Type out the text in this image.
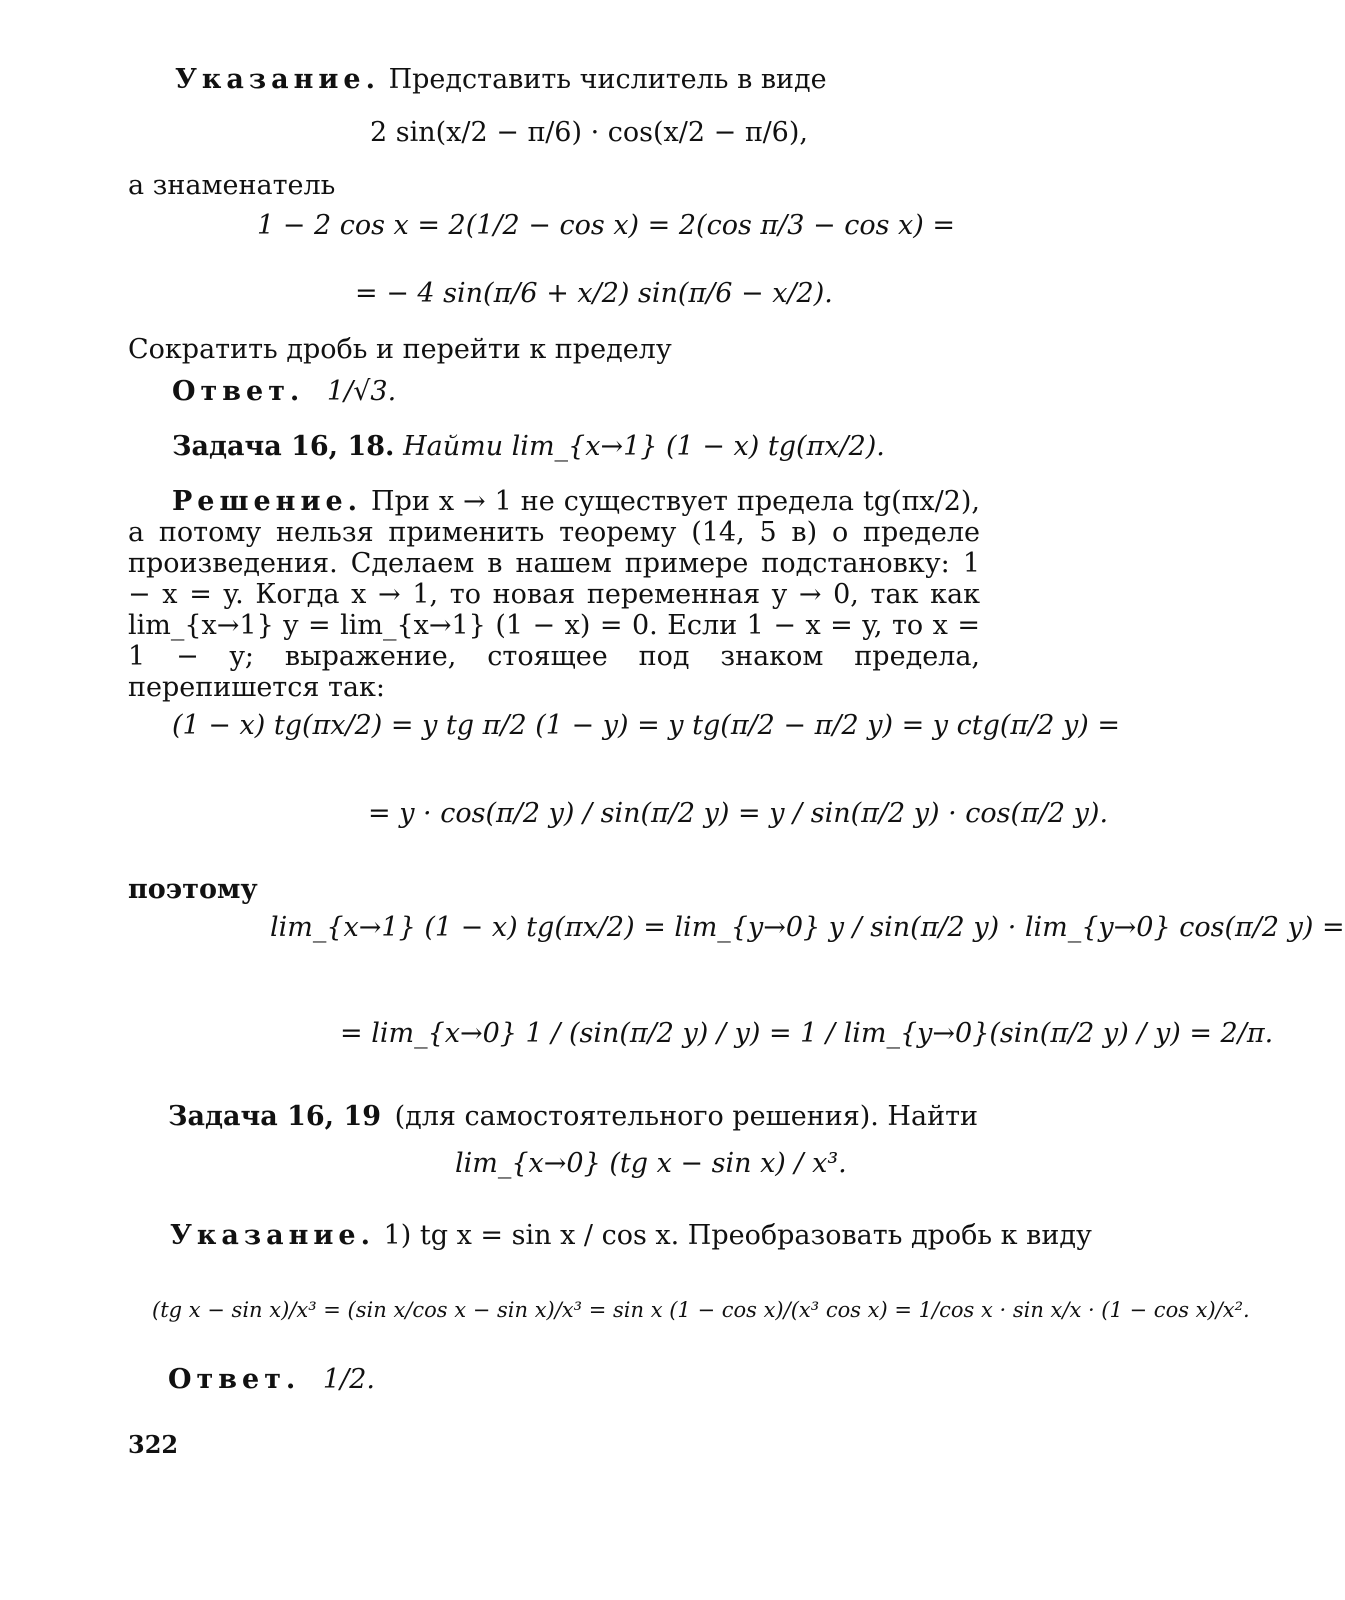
Указание. Представить числитель в виде
2 sin(x/2 − π/6) · cos(x/2 − π/6),
а знаменатель
1 − 2 cos x = 2(1/2 − cos x) = 2(cos π/3 − cos x) =
= − 4 sin(π/6 + x/2) sin(π/6 − x/2).
Сократить дробь и перейти к пределу
Ответ. 1/√3.
Задача 16, 18. Найти lim_{x→1} (1 − x) tg(πx/2).
Решение. При x → 1 не существует предела tg(πx/2), а потому нельзя применить теорему (14, 5 в) о пределе произведения. Сделаем в нашем примере подстановку: 1 − x = y. Когда x → 1, то новая переменная y → 0, так как lim_{x→1} y = lim_{x→1} (1 − x) = 0. Если 1 − x = y, то x = 1 − y; выражение, стоящее под знаком предела, перепишется так:
(1 − x) tg(πx/2) = y tg π/2 (1 − y) = y tg(π/2 − π/2 y) = y ctg(π/2 y) =
= y · cos(π/2 y) / sin(π/2 y) = y / sin(π/2 y) · cos(π/2 y).
поэтому
lim_{x→1} (1 − x) tg(πx/2) = lim_{y→0} y / sin(π/2 y) · lim_{y→0} cos(π/2 y) =
= lim_{x→0} 1 / (sin(π/2 y) / y) = 1 / lim_{y→0}(sin(π/2 y) / y) = 2/π.
Задача 16, 19 (для самостоятельного решения). Найти
lim_{x→0} (tg x − sin x) / x³.
Указание. 1) tg x = sin x / cos x. Преобразовать дробь к виду
(tg x − sin x)/x³ = (sin x/cos x − sin x)/x³ = sin x (1 − cos x)/(x³ cos x) = 1/cos x · sin x/x · (1 − cos x)/x².
Ответ. 1/2.
322
